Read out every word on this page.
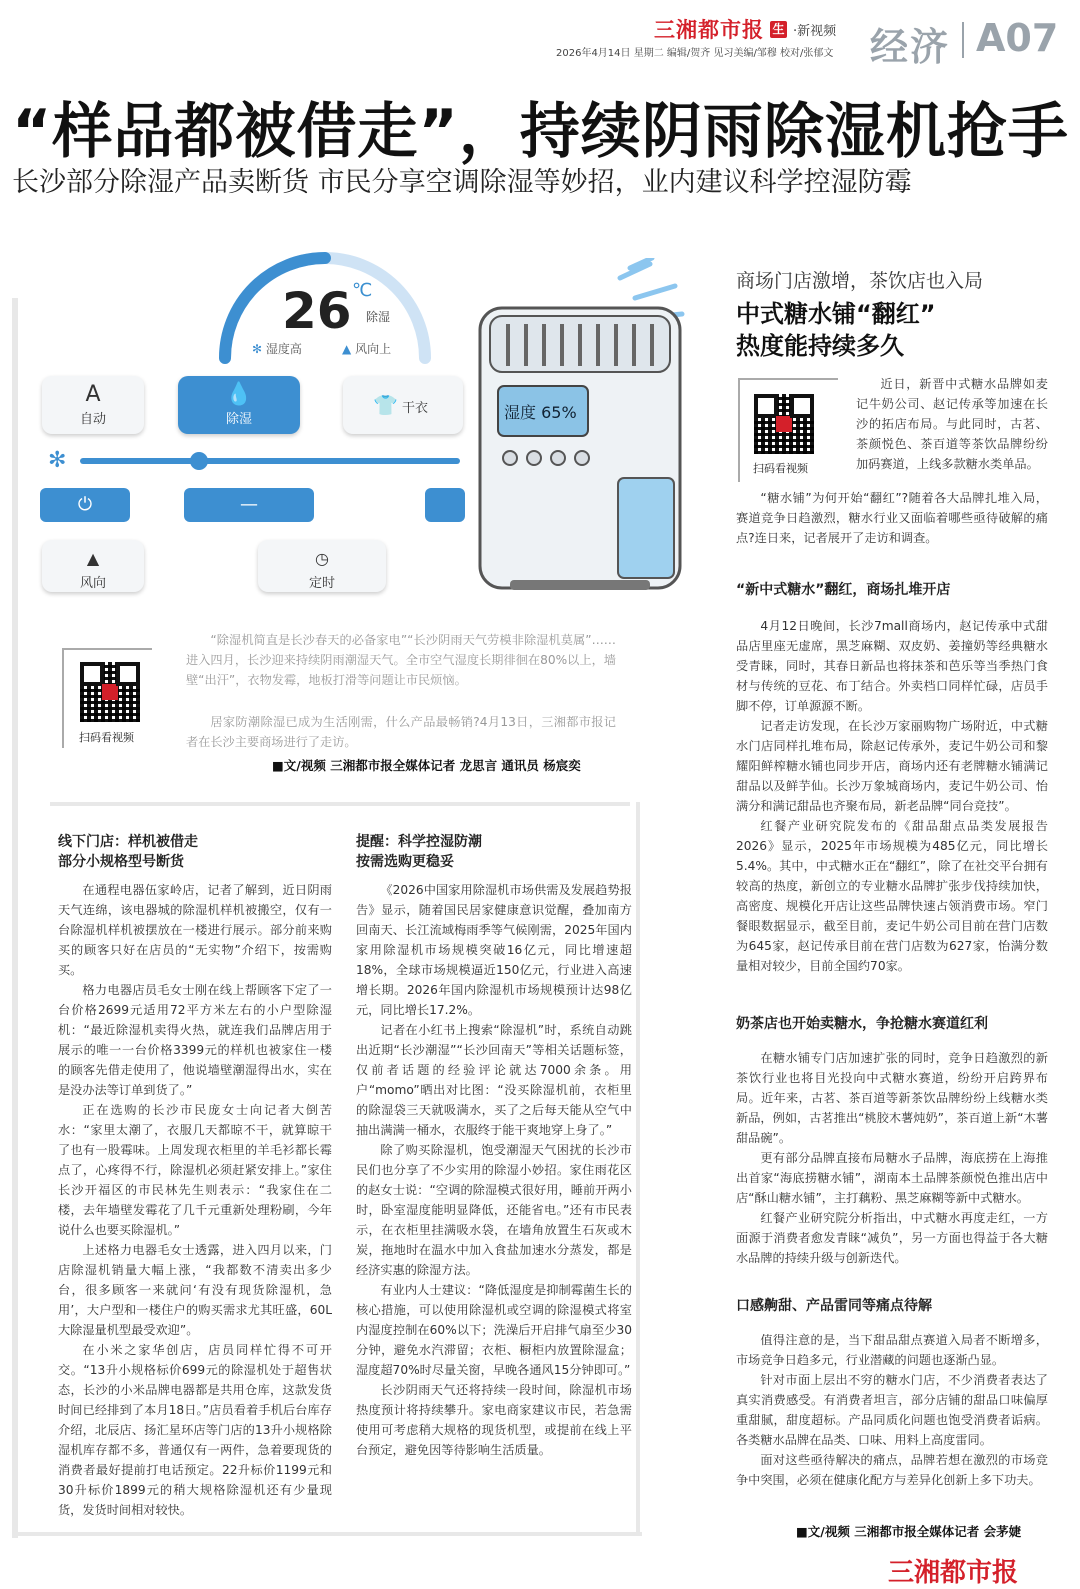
三湘都市报 生 ·新视频
2026年4月14日 星期二 编辑/贺齐 见习美编/邹穆 校对/张郁文 经济 A07
“样品都被借走”，持续阴雨除湿机抢手
长沙部分除湿产品卖断货 市民分享空调除湿等妙招，业内建议科学控湿防霉
26 ℃
除湿
✻ 湿度高	▲ 风向上
A
自动
💧
除湿
👕 干衣
✻
⏻	—
▲
风向
◷
定时
湿度 65%
扫码看视频

“除湿机简直是长沙春天的必备家电”“长沙阴雨天气劳模非除湿机莫属”……进入四月，长沙迎来持续阴雨潮湿天气。全市空气湿度长期徘徊在80%以上，墙壁“出汗”，衣物发霉，地板打滑等问题让市民烦恼。

居家防潮除湿已成为生活刚需，什么产品最畅销?4月13日，三湘都市报记者在长沙主要商场进行了走访。

■文/视频 三湘都市报全媒体记者 龙思言 通讯员 杨宸奕
线下门店：样机被借走
部分小规格型号断货

在通程电器伍家岭店，记者了解到，近日阴雨天气连绵，该电器城的除湿机样机被搬空，仅有一台除湿机样机被摆放在一楼进行展示。部分前来购买的顾客只好在店员的“无实物”介绍下，按需购买。

格力电器店员毛女士刚在线上帮顾客下定了一台价格2699元适用72平方米左右的小户型除湿机：“最近除湿机卖得火热，就连我们品牌店用于展示的唯一一台价格3399元的样机也被家住一楼的顾客先借走使用了，他说墙壁潮湿得出水，实在是没办法等订单到货了。”

正在选购的长沙市民庞女士向记者大倒苦水：“家里太潮了，衣服几天都晾不干，就算晾干了也有一股霉味。上周发现衣柜里的羊毛衫都长霉点了，心疼得不行，除湿机必须赶紧安排上。”家住长沙开福区的市民林先生则表示：“我家住在二楼，去年墙壁发霉花了几千元重新处理粉刷，今年说什么也要买除湿机。”

上述格力电器毛女士透露，进入四月以来，门店除湿机销量大幅上涨，“我都数不清卖出多少台，很多顾客一来就问‘有没有现货除湿机，急用’，大户型和一楼住户的购买需求尤其旺盛，60L大除湿量机型最受欢迎”。

在小米之家华创店，店员同样忙得不可开交。“13升小规格标价699元的除湿机处于超售状态，长沙的小米品牌电器都是共用仓库，这款发货时间已经排到了本月18日。”店员看着手机后台库存介绍，北辰店、扬汇星环店等门店的13升小规格除湿机库存都不多，普通仅有一两件，急着要现货的消费者最好提前打电话预定。22升标价1199元和30升标价1899元的稍大规格除湿机还有少量现货，发货时间相对较快。

提醒：科学控湿防潮
按需选购更稳妥

《2026中国家用除湿机市场供需及发展趋势报告》显示，随着国民居家健康意识觉醒，叠加南方回南天、长江流域梅雨季等气候刚需，2025年国内家用除湿机市场规模突破16亿元，同比增速超18%，全球市场规模逼近150亿元，行业进入高速增长期。2026年国内除湿机市场规模预计达98亿元，同比增长17.2%。

记者在小红书上搜索“除湿机”时，系统自动跳出近期“长沙潮湿”“长沙回南天”等相关话题标签，仅前者话题的经验评论就达7000余条。用户“momo”晒出对比图：“没买除湿机前，衣柜里的除湿袋三天就吸满水，买了之后每天能从空气中抽出满满一桶水，衣服终于能干爽地穿上身了。”

除了购买除湿机，饱受潮湿天气困扰的长沙市民们也分享了不少实用的除湿小妙招。家住雨花区的赵女士说：“空调的除湿模式很好用，睡前开两小时，卧室湿度能明显降低，还能省电。”还有市民表示，在衣柜里挂满吸水袋，在墙角放置生石灰或木炭，拖地时在温水中加入食盐加速水分蒸发，都是经济实惠的除湿方法。

有业内人士建议：“降低湿度是抑制霉菌生长的核心措施，可以使用除湿机或空调的除湿模式将室内湿度控制在60%以下；洗澡后开启排气扇至少30分钟，避免水汽滞留；衣柜、橱柜内放置除湿盒；湿度超70%时尽量关窗，早晚各通风15分钟即可。”

长沙阴雨天气还将持续一段时间，除湿机市场热度预计将持续攀升。家电商家建议市民，若急需使用可考虑稍大规格的现货机型，或提前在线上平台预定，避免因等待影响生活质量。

商场门店激增，茶饮店也入局
中式糖水铺“翻红”
热度能持续多久
扫码看视频

近日，新晋中式糖水品牌如麦记牛奶公司、赵记传承等加速在长沙的拓店布局。与此同时，古茗、茶颜悦色、茶百道等茶饮品牌纷纷加码赛道，上线多款糖水类单品。

“糖水铺”为何开始“翻红”?随着各大品牌扎堆入局，赛道竞争日趋激烈，糖水行业又面临着哪些亟待破解的痛点?连日来，记者展开了走访和调查。

“新中式糖水”翻红，商场扎堆开店

4月12日晚间，长沙7mall商场内，赵记传承中式甜品店里座无虚席，黑芝麻糊、双皮奶、姜撞奶等经典糖水受青睐，同时，其春日新品也将抹茶和芭乐等当季热门食材与传统的豆花、布丁结合。外卖档口同样忙碌，店员手脚不停，订单源源不断。

记者走访发现，在长沙万家丽购物广场附近，中式糖水门店同样扎堆布局，除赵记传承外，麦记牛奶公司和黎耀阳鲜榨糖水铺也同步开店，商场内还有老牌糖水铺满记甜品以及鲜芋仙。长沙万象城商场内，麦记牛奶公司、怡满分和满记甜品也齐聚布局，新老品牌“同台竞技”。

红餐产业研究院发布的《甜品甜点品类发展报告2026》显示，2025年市场规模为485亿元，同比增长5.4%。其中，中式糖水正在“翻红”，除了在社交平台拥有较高的热度，新创立的专业糖水品牌扩张步伐持续加快，高密度、规模化开店让这些品牌快速占领消费市场。窄门餐眼数据显示，截至目前，麦记牛奶公司目前在营门店数为645家，赵记传承目前在营门店数为627家，怡满分数量相对较少，目前全国约70家。

奶茶店也开始卖糖水，争抢糖水赛道红利

在糖水铺专门店加速扩张的同时，竞争日趋激烈的新茶饮行业也将目光投向中式糖水赛道，纷纷开启跨界布局。近年来，古茗、茶百道等新茶饮品牌纷纷上线糖水类新品，例如，古茗推出“桃胶木薯炖奶”，茶百道上新“木薯甜品碗”。

更有部分品牌直接布局糖水子品牌，海底捞在上海推出首家“海底捞糖水铺”，湖南本土品牌茶颜悦色推出店中店“酥山糖水铺”，主打藕粉、黑芝麻糊等新中式糖水。

红餐产业研究院分析指出，中式糖水再度走红，一方面源于消费者愈发青睐“减负”，另一方面也得益于各大糖水品牌的持续升级与创新迭代。

口感齁甜、产品雷同等痛点待解

值得注意的是，当下甜品甜点赛道入局者不断增多，市场竞争日趋多元，行业潜藏的问题也逐渐凸显。

针对市面上层出不穷的糖水门店，不少消费者表达了真实消费感受。有消费者坦言，部分店铺的甜品口味偏厚重甜腻，甜度超标。产品同质化问题也饱受消费者诟病。各类糖水品牌在品类、口味、用料上高度雷同。

面对这些亟待解决的痛点，品牌若想在激烈的市场竞争中突围，必须在健康化配方与差异化创新上多下功夫。

■文/视频 三湘都市报全媒体记者 会茅婕
三湘都市报
